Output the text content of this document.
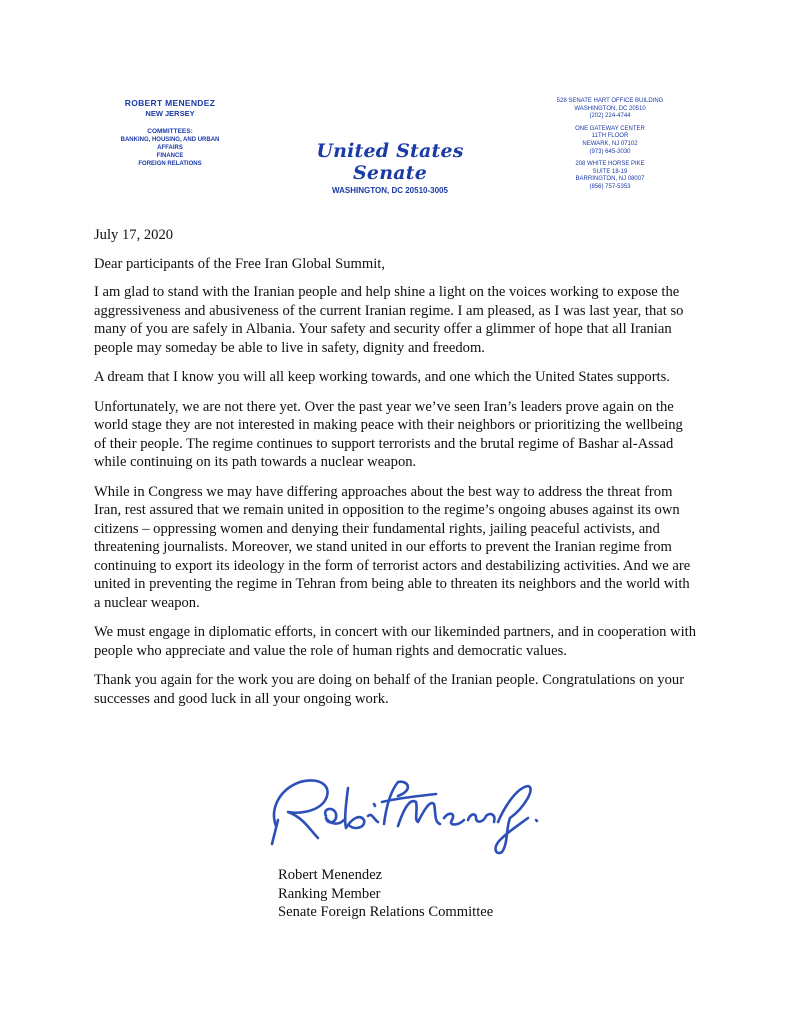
ROBERT MENENDEZ
NEW JERSEY
COMMITTEES:
BANKING, HOUSING, AND URBAN
AFFAIRS
FINANCE
FOREIGN RELATIONS
United States Senate
WASHINGTON, DC 20510-3005
528 SENATE HART OFFICE BUILDING
WASHINGTON, DC 20510
(202) 224-4744
ONE GATEWAY CENTER
11TH FLOOR
NEWARK, NJ 07102
(973) 645-3030
208 WHITE HORSE PIKE
SUITE 18-19
BARRINGTON, NJ 08007
(856) 757-5353
July 17, 2020
Dear participants of the Free Iran Global Summit,

I am glad to stand with the Iranian people and help shine a light on the voices working to expose the aggressiveness and abusiveness of the current Iranian regime. I am pleased, as I was last year, that so many of you are safely in Albania. Your safety and security offer a glimmer of hope that all Iranian people may someday be able to live in safety, dignity and freedom.

A dream that I know you will all keep working towards, and one which the United States supports.

Unfortunately, we are not there yet. Over the past year we’ve seen Iran’s leaders prove again on the world stage they are not interested in making peace with their neighbors or prioritizing the wellbeing of their people. The regime continues to support terrorists and the brutal regime of Bashar al-Assad while continuing on its path towards a nuclear weapon.

While in Congress we may have differing approaches about the best way to address the threat from Iran, rest assured that we remain united in opposition to the regime’s ongoing abuses against its own citizens – oppressing women and denying their fundamental rights, jailing peaceful activists, and threatening journalists. Moreover, we stand united in our efforts to prevent the Iranian regime from continuing to export its ideology in the form of terrorist actors and destabilizing activities. And we are united in preventing the regime in Tehran from being able to threaten its neighbors and the world with a nuclear weapon.

We must engage in diplomatic efforts, in concert with our likeminded partners, and in cooperation with people who appreciate and value the role of human rights and democratic values.

Thank you again for the work you are doing on behalf of the Iranian people. Congratulations on your successes and good luck in all your ongoing work.

Robert Menendez
Ranking Member
Senate Foreign Relations Committee
